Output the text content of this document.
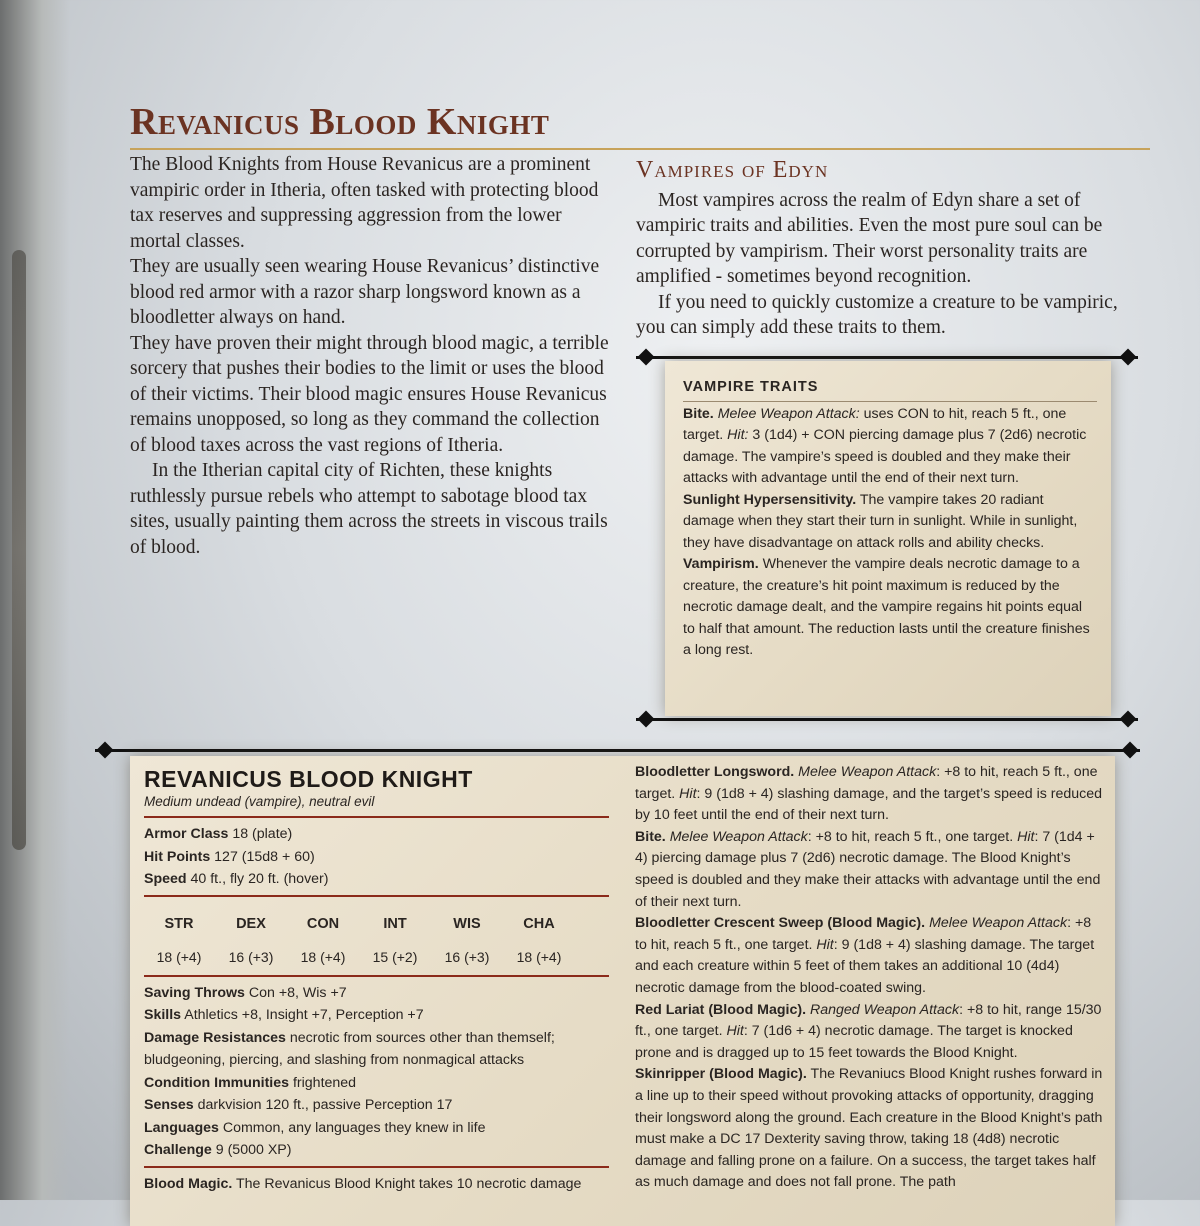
Revanicus Blood Knight

The Blood Knights from House Revanicus are a prominent vampiric order in Itheria, often tasked with protecting blood tax reserves and suppressing aggression from the lower mortal classes.

They are usually seen wearing House Revanicus’ distinctive blood red armor with a razor sharp longsword known as a bloodletter always on hand.

They have proven their might through blood magic, a terrible sorcery that pushes their bodies to the limit or uses the blood of their victims. Their blood magic ensures House Revanicus remains unopposed, so long as they command the collection of blood taxes across the vast regions of Itheria.

In the Itherian capital city of Richten, these knights ruthlessly pursue rebels who attempt to sabotage blood tax sites, usually painting them across the streets in viscous trails of blood.

Vampires of Edyn

Most vampires across the realm of Edyn share a set of vampiric traits and abilities. Even the most pure soul can be corrupted by vampirism. Their worst personality traits are amplified - sometimes beyond recognition.

If you need to quickly customize a creature to be vampiric, you can simply add these traits to them.

VAMPIRE TRAITS

Bite. Melee Weapon Attack: uses CON to hit, reach 5 ft., one target. Hit: 3 (1d4) + CON piercing damage plus 7 (2d6) necrotic damage. The vampire’s speed is doubled and they make their attacks with advantage until the end of their next turn.

Sunlight Hypersensitivity. The vampire takes 20 radiant damage when they start their turn in sunlight. While in sunlight, they have disadvantage on attack rolls and ability checks.

Vampirism. Whenever the vampire deals necrotic damage to a creature, the creature’s hit point maximum is reduced by the necrotic damage dealt, and the vampire regains hit points equal to half that amount. The reduction lasts until the creature finishes a long rest.

REVANICUS BLOOD KNIGHT
Medium undead (vampire), neutral evil

Armor Class 18 (plate)

Hit Points 127 (15d8 + 60)

Speed 40 ft., fly 20 ft. (hover)

STR
18 (+4)
DEX
16 (+3)
CON
18 (+4)
INT
15 (+2)
WIS
16 (+3)
CHA
18 (+4)

Saving Throws Con +8, Wis +7

Skills Athletics +8, Insight +7, Perception +7

Damage Resistances necrotic from sources other than themself; bludgeoning, piercing, and slashing from nonmagical attacks

Condition Immunities frightened

Senses darkvision 120 ft., passive Perception 17

Languages Common, any languages they knew in life

Challenge 9 (5000 XP)

Blood Magic. The Revanicus Blood Knight takes 10 necrotic damage

Bloodletter Longsword. Melee Weapon Attack: +8 to hit, reach 5 ft., one target. Hit: 9 (1d8 + 4) slashing damage, and the target’s speed is reduced by 10 feet until the end of their next turn.

Bite. Melee Weapon Attack: +8 to hit, reach 5 ft., one target. Hit: 7 (1d4 + 4) piercing damage plus 7 (2d6) necrotic damage. The Blood Knight’s speed is doubled and they make their attacks with advantage until the end of their next turn.

Bloodletter Crescent Sweep (Blood Magic). Melee Weapon Attack: +8 to hit, reach 5 ft., one target. Hit: 9 (1d8 + 4) slashing damage. The target and each creature within 5 feet of them takes an additional 10 (4d4) necrotic damage from the blood-coated swing.

Red Lariat (Blood Magic). Ranged Weapon Attack: +8 to hit, range 15/30 ft., one target. Hit: 7 (1d6 + 4) necrotic damage. The target is knocked prone and is dragged up to 15 feet towards the Blood Knight.

Skinripper (Blood Magic). The Revaniucs Blood Knight rushes forward in a line up to their speed without provoking attacks of opportunity, dragging their longsword along the ground. Each creature in the Blood Knight’s path must make a DC 17 Dexterity saving throw, taking 18 (4d8) necrotic damage and falling prone on a failure. On a success, the target takes half as much damage and does not fall prone. The path
